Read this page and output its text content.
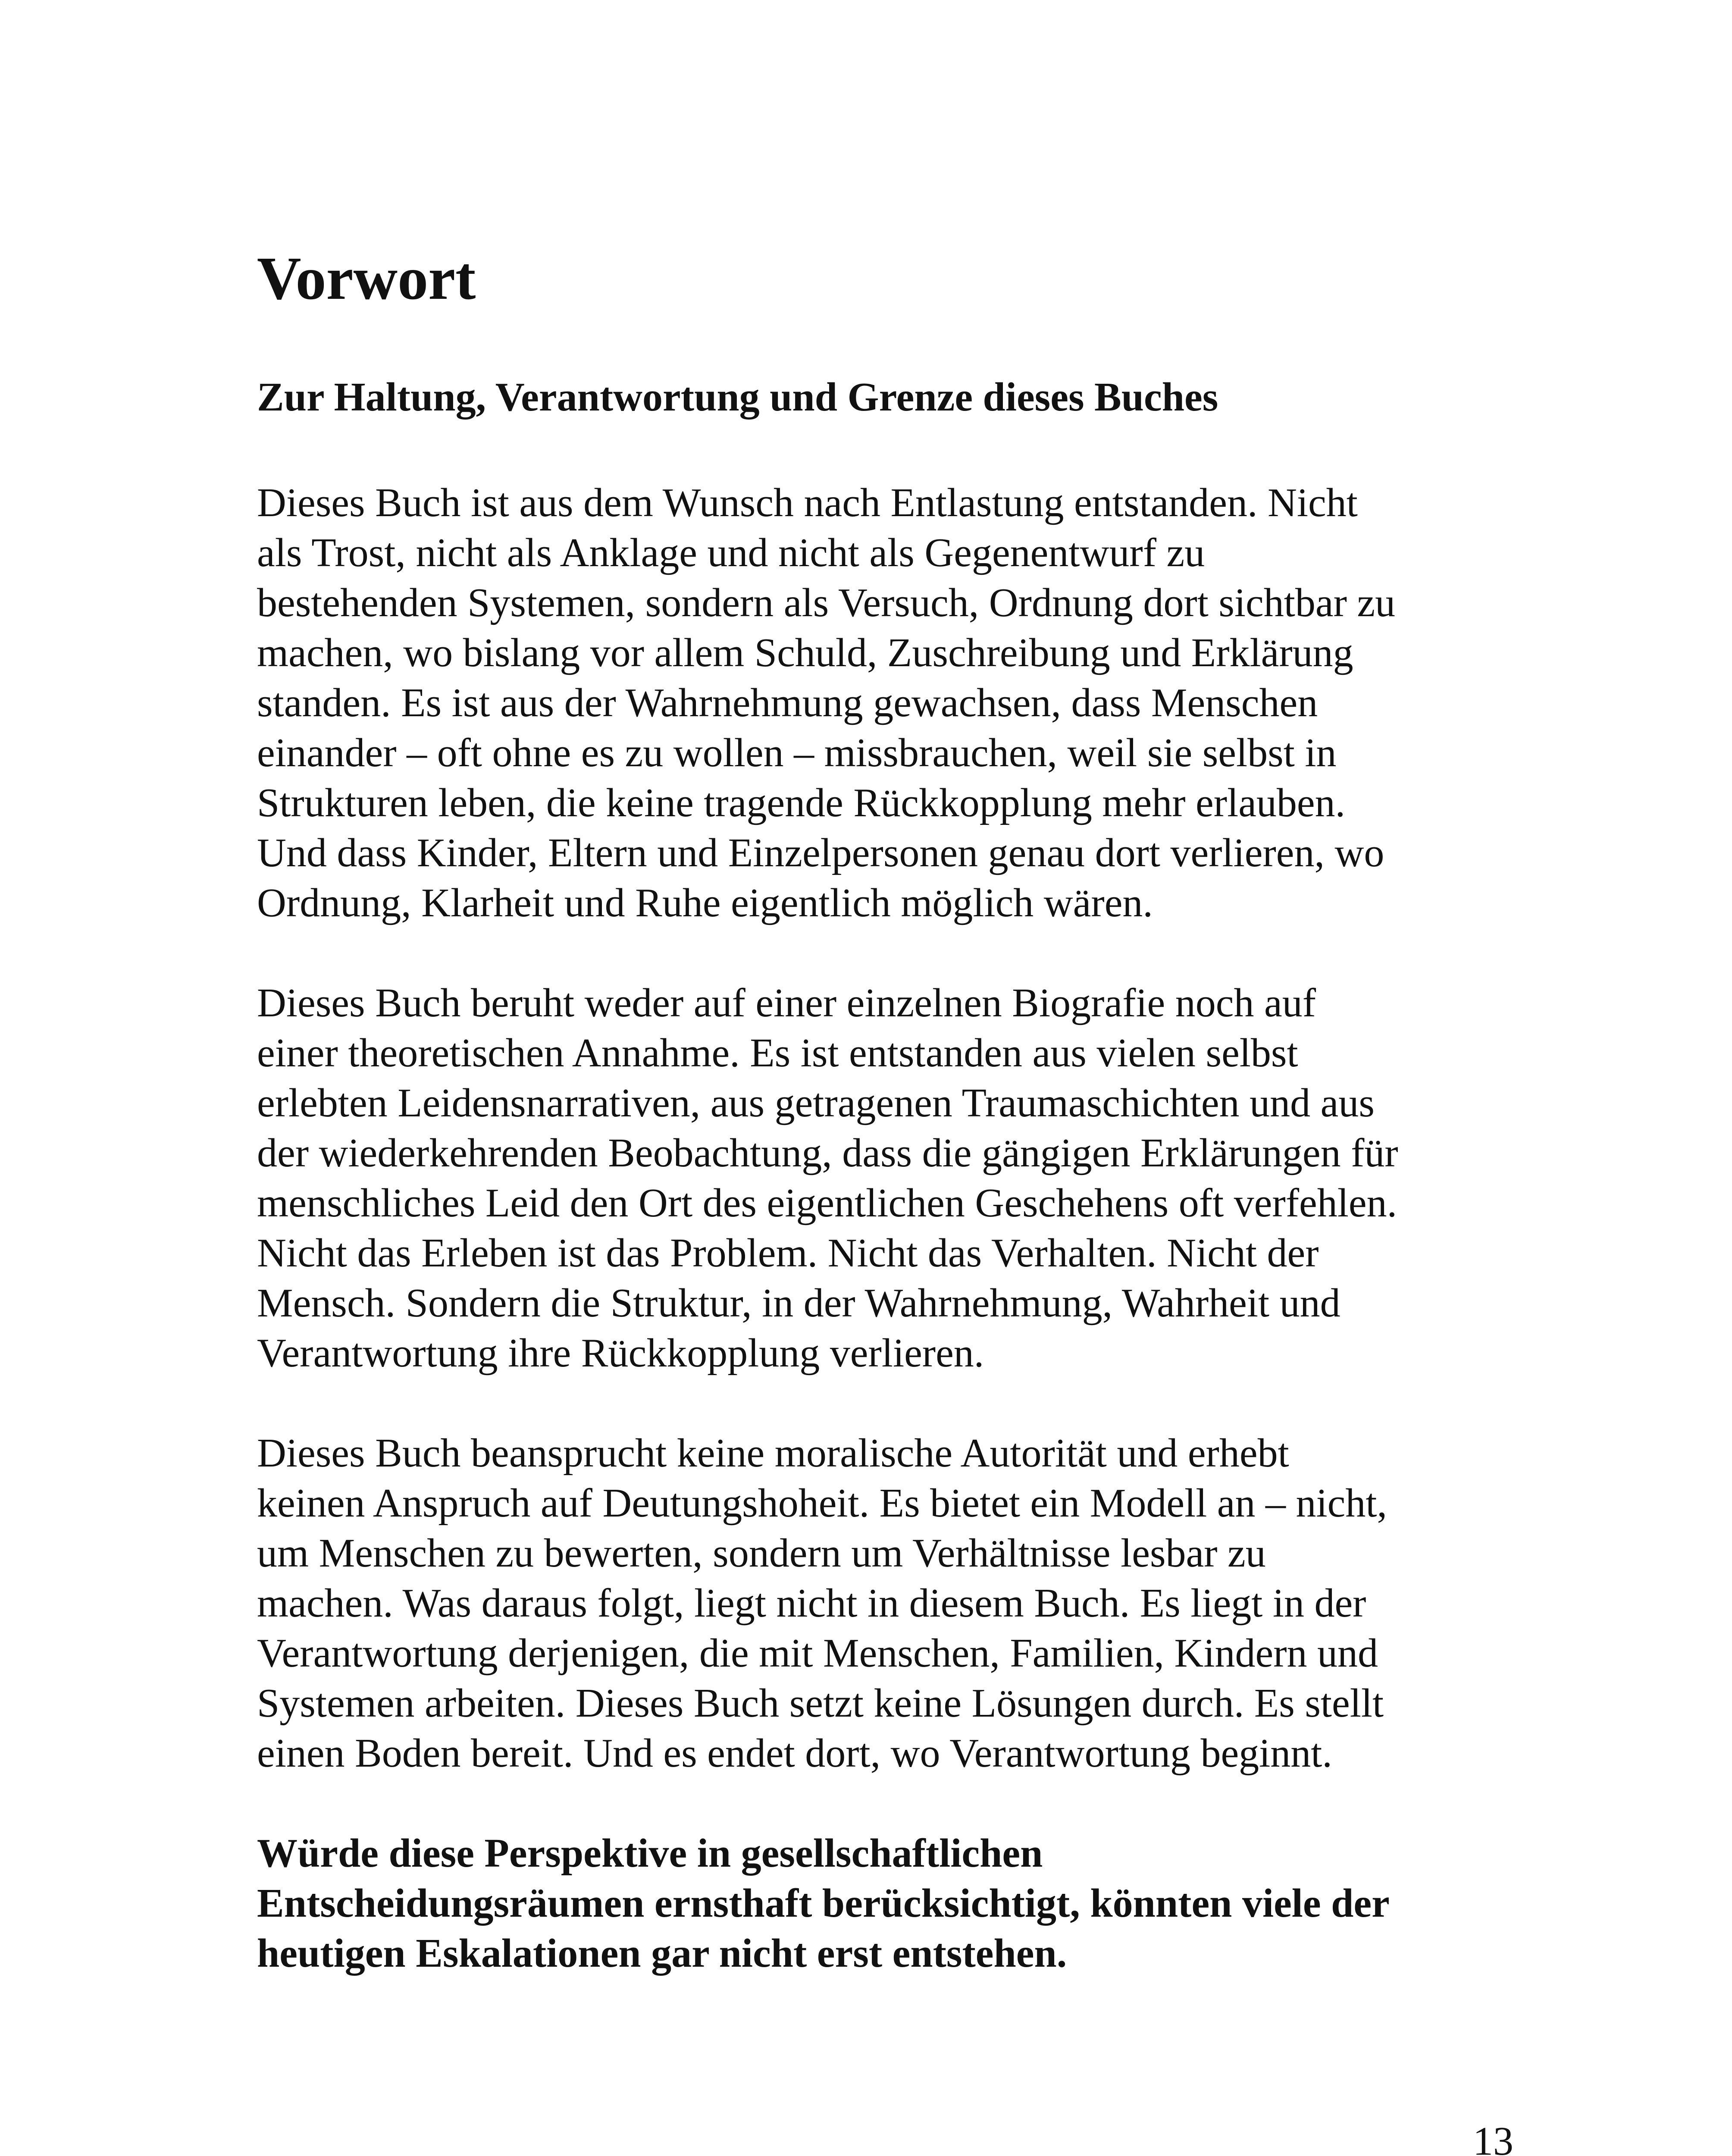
Vorwort
Zur Haltung, Verantwortung und Grenze dieses Buches

Dieses Buch ist aus dem Wunsch nach Entlastung entstanden. Nicht
als Trost, nicht als Anklage und nicht als Gegenentwurf zu
bestehenden Systemen, sondern als Versuch, Ordnung dort sichtbar zu
machen, wo bislang vor allem Schuld, Zuschreibung und Erklärung
standen. Es ist aus der Wahrnehmung gewachsen, dass Menschen
einander – oft ohne es zu wollen – missbrauchen, weil sie selbst in
Strukturen leben, die keine tragende Rückkopplung mehr erlauben.
Und dass Kinder, Eltern und Einzelpersonen genau dort verlieren, wo
Ordnung, Klarheit und Ruhe eigentlich möglich wären.

Dieses Buch beruht weder auf einer einzelnen Biografie noch auf
einer theoretischen Annahme. Es ist entstanden aus vielen selbst
erlebten Leidensnarrativen, aus getragenen Traumaschichten und aus
der wiederkehrenden Beobachtung, dass die gängigen Erklärungen für
menschliches Leid den Ort des eigentlichen Geschehens oft verfehlen.
Nicht das Erleben ist das Problem. Nicht das Verhalten. Nicht der
Mensch. Sondern die Struktur, in der Wahrnehmung, Wahrheit und
Verantwortung ihre Rückkopplung verlieren.

Dieses Buch beansprucht keine moralische Autorität und erhebt
keinen Anspruch auf Deutungshoheit. Es bietet ein Modell an – nicht,
um Menschen zu bewerten, sondern um Verhältnisse lesbar zu
machen. Was daraus folgt, liegt nicht in diesem Buch. Es liegt in der
Verantwortung derjenigen, die mit Menschen, Familien, Kindern und
Systemen arbeiten. Dieses Buch setzt keine Lösungen durch. Es stellt
einen Boden bereit. Und es endet dort, wo Verantwortung beginnt.

Würde diese Perspektive in gesellschaftlichen
Entscheidungsräumen ernsthaft berücksichtigt, könnten viele der
heutigen Eskalationen gar nicht erst entstehen.

13
